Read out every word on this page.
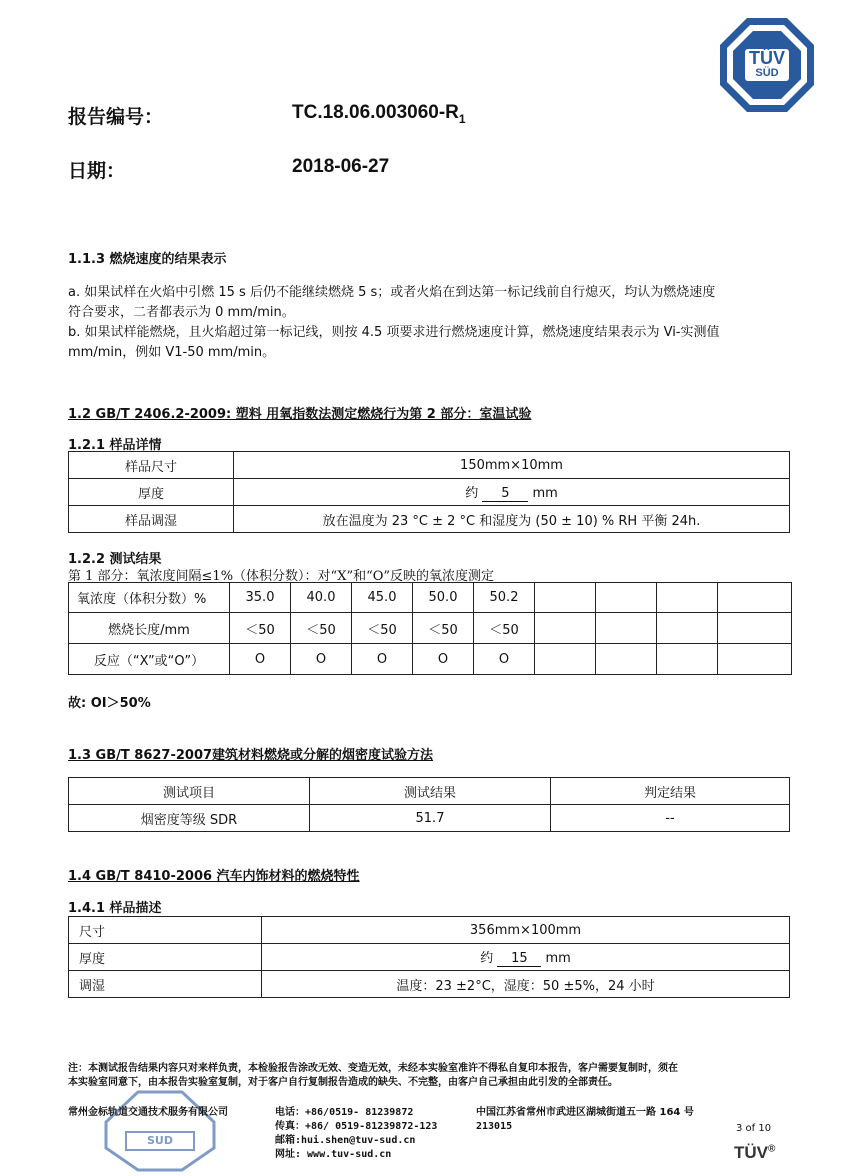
TÜV
SÜD
报告编号：	$TC.18.06.003060-R_1$
日期：	2018-06-27
1.1.3 燃烧速度的结果表示
a. 如果试样在火焰中引燃 15 s 后仍不能继续燃烧 5 s；或者火焰在到达第一标记线前自行熄灭，均认为燃烧速度
符合要求，二者都表示为 0 mm/min。
b. 如果试样能燃烧，且火焰超过第一标记线，则按 4.5 项要求进行燃烧速度计算，燃烧速度结果表示为 Vi-实测值
mm/min，例如 V1-50 mm/min。
1.2 GB/T 2406.2-2009: 塑料 用氧指数法测定燃烧行为第 2 部分：室温试验
1.2.1 样品详情
样品尺寸	150mm×10mm
厚度	约 5 mm
样品调湿	放在温度为 23 °C ± 2 °C 和湿度为 (50 ± 10) % RH 平衡 24h.
1.2.2 测试结果
第 1 部分：氧浓度间隔≤1%（体积分数）：对“X”和“O”反映的氧浓度测定
氧浓度（体积分数）%	35.0	40.0	45.0	50.0	50.2				
燃烧长度/mm	＜50	＜50	＜50	＜50	＜50				
反应（“X”或“O”）	O	O	O	O	O				
故: OI＞50%
1.3 GB/T 8627-2007建筑材料燃烧或分解的烟密度试验方法
测试项目	测试结果	判定结果
烟密度等级 SDR	51.7	--
1.4 GB/T 8410-2006 汽车内饰材料的燃烧特性
1.4.1 样品描述
尺寸	356mm×100mm
厚度	约 15 mm
调湿	温度：23 ±2°C，湿度：50 ±5%，24 小时
注：本测试报告结果内容只对来样负责，本检验报告涂改无效、变造无效，未经本实验室准许不得私自复印本报告，客户需要复制时，须在
本实验室同意下，由本报告实验室复制，对于客户自行复制报告造成的缺失、不完整，由客户自己承担由此引发的全部责任。
SUD
常州金标轨道交通技术服务有限公司	电话：+86/0519- 81239872
传真：+86/ 0519-81239872-123
邮箱:hui.shen@tuv-sud.cn
网址: www.tuv-sud.cn
中国江苏省常州市武进区湖城街道五一路 164 号
213015	3 of 10
TÜV®
